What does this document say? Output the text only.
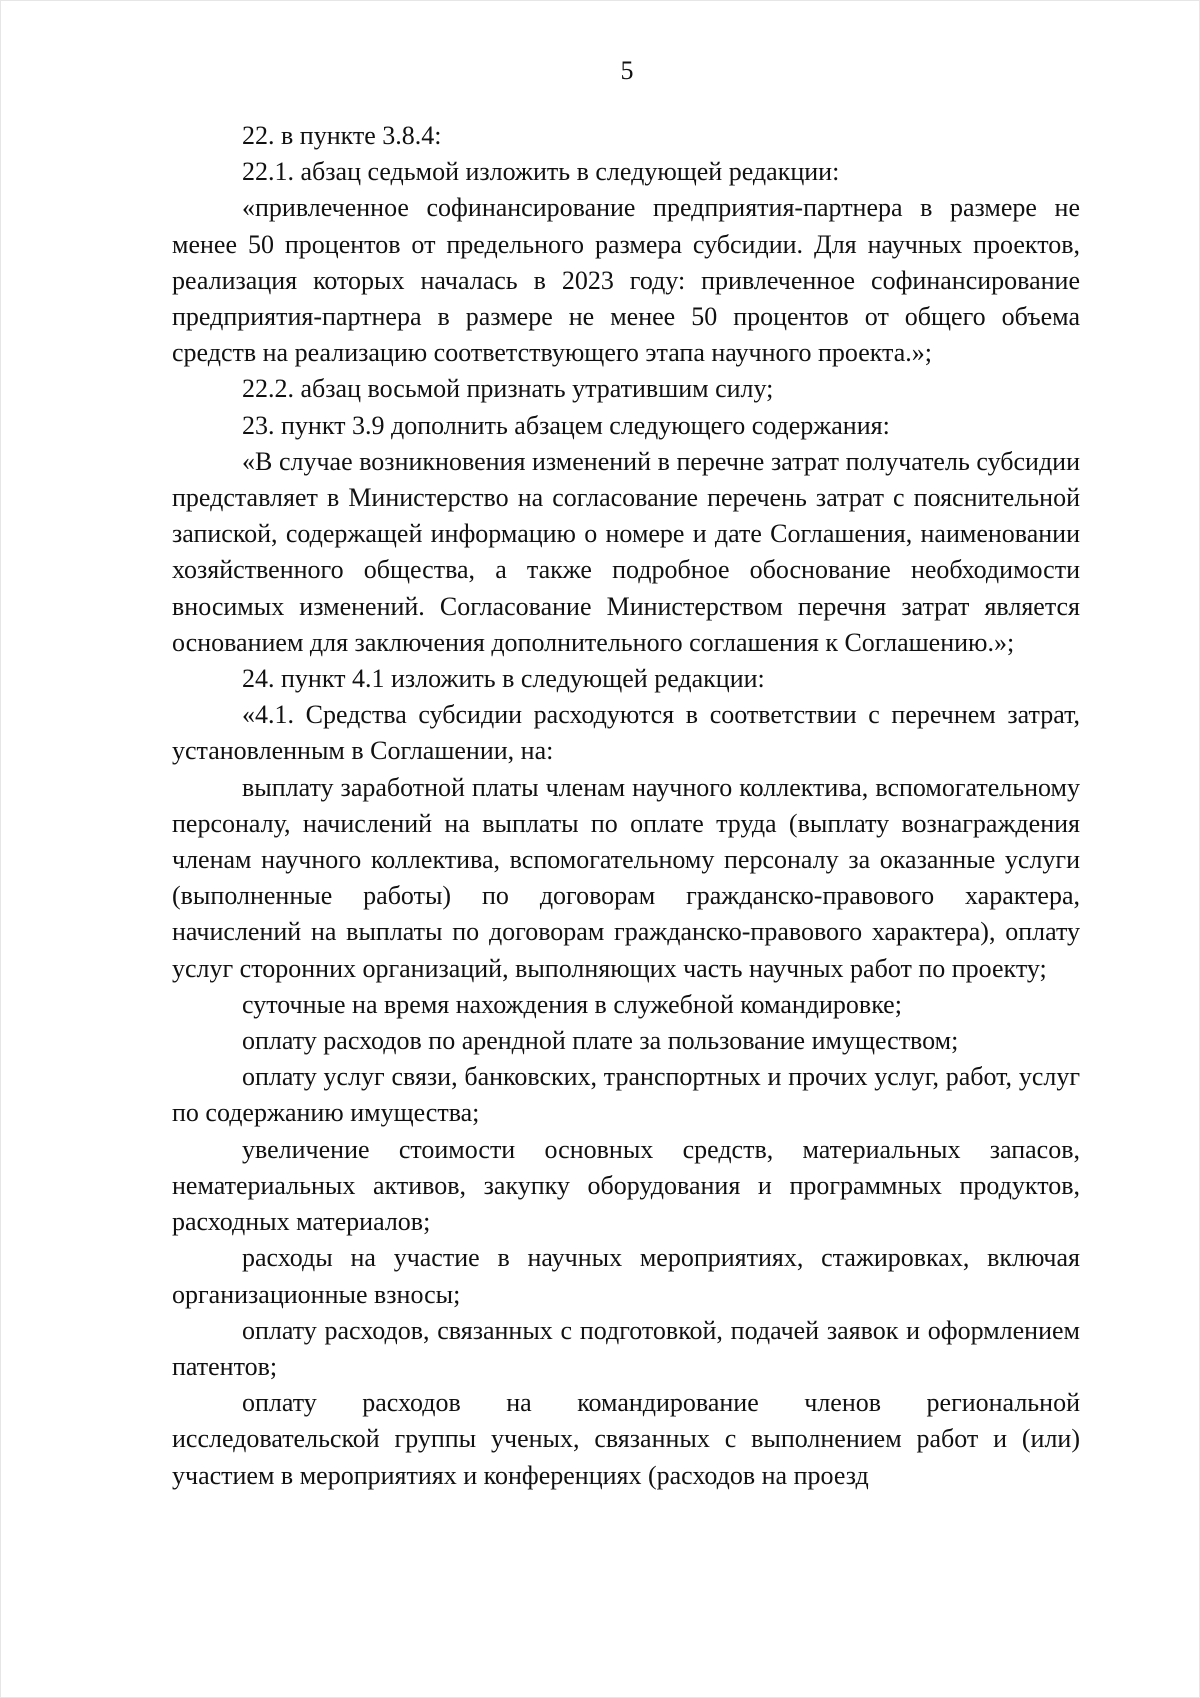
5

22. в пункте 3.8.4:

22.1. абзац седьмой изложить в следующей редакции:

«привлеченное софинансирование предприятия-партнера в размере не менее 50 процентов от предельного размера субсидии. Для научных проектов, реализация которых началась в 2023 году: привлеченное софинансирование предприятия-партнера в размере не менее 50 процентов от общего объема средств на реализацию соответствующего этапа научного проекта.»;

22.2. абзац восьмой признать утратившим силу;

23. пункт 3.9 дополнить абзацем следующего содержания:

«В случае возникновения изменений в перечне затрат получатель субсидии представляет в Министерство на согласование перечень затрат с пояснительной запиской, содержащей информацию о номере и дате Соглашения, наименовании хозяйственного общества, а также подробное обоснование необходимости вносимых изменений. Согласование Министерством перечня затрат является основанием для заключения дополнительного соглашения к Соглашению.»;

24. пункт 4.1 изложить в следующей редакции:

«4.1. Средства субсидии расходуются в соответствии с перечнем затрат, установленным в Соглашении, на:

выплату заработной платы членам научного коллектива, вспомогательному персоналу, начислений на выплаты по оплате труда (выплату вознаграждения членам научного коллектива, вспомогательному персоналу за оказанные услуги (выполненные работы) по договорам гражданско-правового характера, начислений на выплаты по договорам гражданско-правового характера), оплату услуг сторонних организаций, выполняющих часть научных работ по проекту;

суточные на время нахождения в служебной командировке;

оплату расходов по арендной плате за пользование имуществом;

оплату услуг связи, банковских, транспортных и прочих услуг, работ, услуг по содержанию имущества;

увеличение стоимости основных средств, материальных запасов, нематериальных активов, закупку оборудования и программных продуктов, расходных материалов;

расходы на участие в научных мероприятиях, стажировках, включая организационные взносы;

оплату расходов, связанных с подготовкой, подачей заявок и оформлением патентов;

оплату расходов на командирование членов региональной исследовательской группы ученых, связанных с выполнением работ и (или) участием в мероприятиях и конференциях (расходов на проезд
